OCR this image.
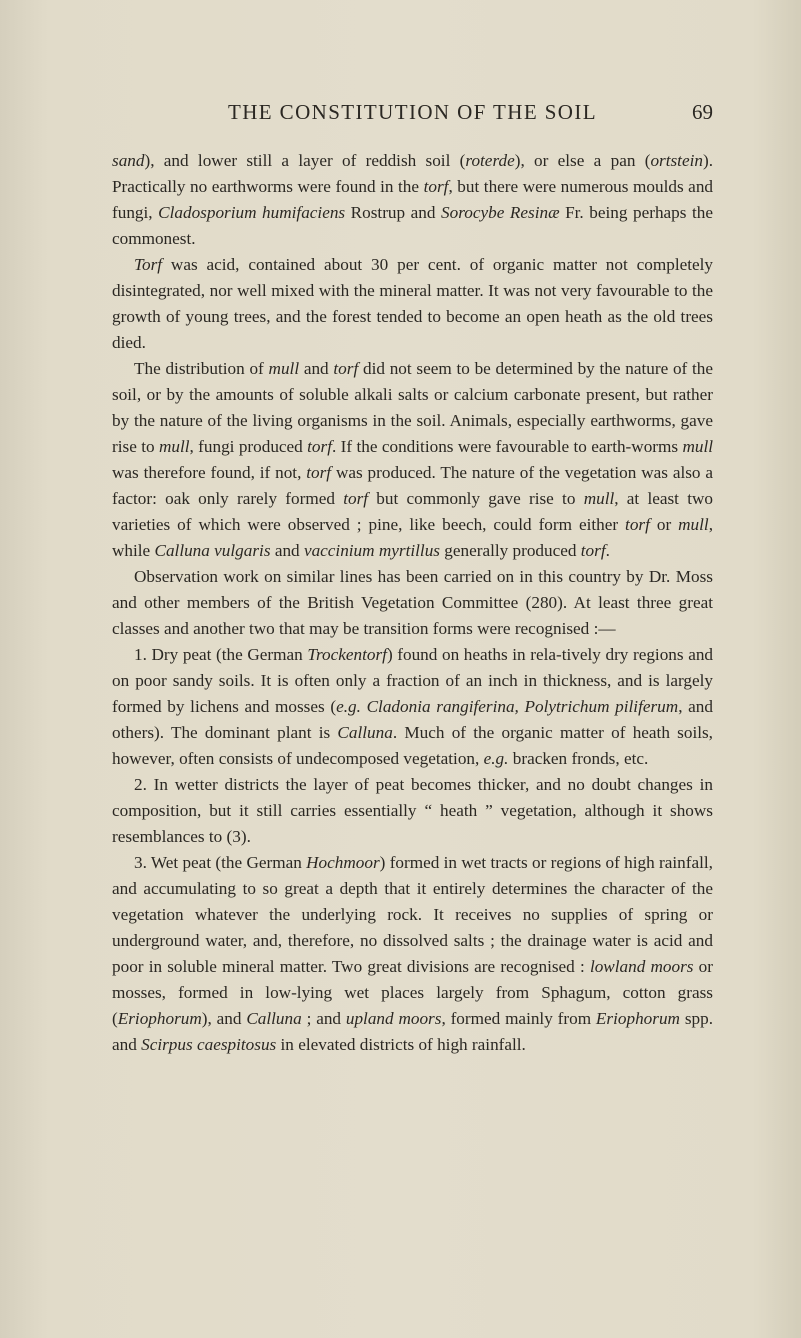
THE CONSTITUTION OF THE SOIL	69

sand), and lower still a layer of reddish soil (roterde), or else a pan (ortstein). Practically no earthworms were found in the torf, but there were numerous moulds and fungi, Cladosporium humifaciens Rostrup and Sorocybe Resinæ Fr. being perhaps the commonest.

Torf was acid, contained about 30 per cent. of organic matter not completely disintegrated, nor well mixed with the mineral matter. It was not very favourable to the growth of young trees, and the forest tended to become an open heath as the old trees died.

The distribution of mull and torf did not seem to be determined by the nature of the soil, or by the amounts of soluble alkali salts or calcium carbonate present, but rather by the nature of the living organisms in the soil. Animals, especially earthworms, gave rise to mull, fungi produced torf. If the conditions were favourable to earth-worms mull was therefore found, if not, torf was produced. The nature of the vegetation was also a factor: oak only rarely formed torf but commonly gave rise to mull, at least two varieties of which were observed ; pine, like beech, could form either torf or mull, while Calluna vulgaris and vaccinium myrtillus generally produced torf.

Observation work on similar lines has been carried on in this country by Dr. Moss and other members of the British Vegetation Committee (280). At least three great classes and another two that may be transition forms were recognised :—

1. Dry peat (the German Trockentorf) found on heaths in rela-tively dry regions and on poor sandy soils. It is often only a fraction of an inch in thickness, and is largely formed by lichens and mosses (e.g. Cladonia rangiferina, Polytrichum piliferum, and others). The dominant plant is Calluna. Much of the organic matter of heath soils, however, often consists of undecomposed vegetation, e.g. bracken fronds, etc.

2. In wetter districts the layer of peat becomes thicker, and no doubt changes in composition, but it still carries essentially “ heath ” vegetation, although it shows resemblances to (3).

3. Wet peat (the German Hochmoor) formed in wet tracts or regions of high rainfall, and accumulating to so great a depth that it entirely determines the character of the vegetation whatever the underlying rock. It receives no supplies of spring or underground water, and, therefore, no dissolved salts ; the drainage water is acid and poor in soluble mineral matter. Two great divisions are recognised : lowland moors or mosses, formed in low-lying wet places largely from Sphagum, cotton grass (Eriophorum), and Calluna ; and upland moors, formed mainly from Eriophorum spp. and Scirpus caespitosus in elevated districts of high rainfall.
